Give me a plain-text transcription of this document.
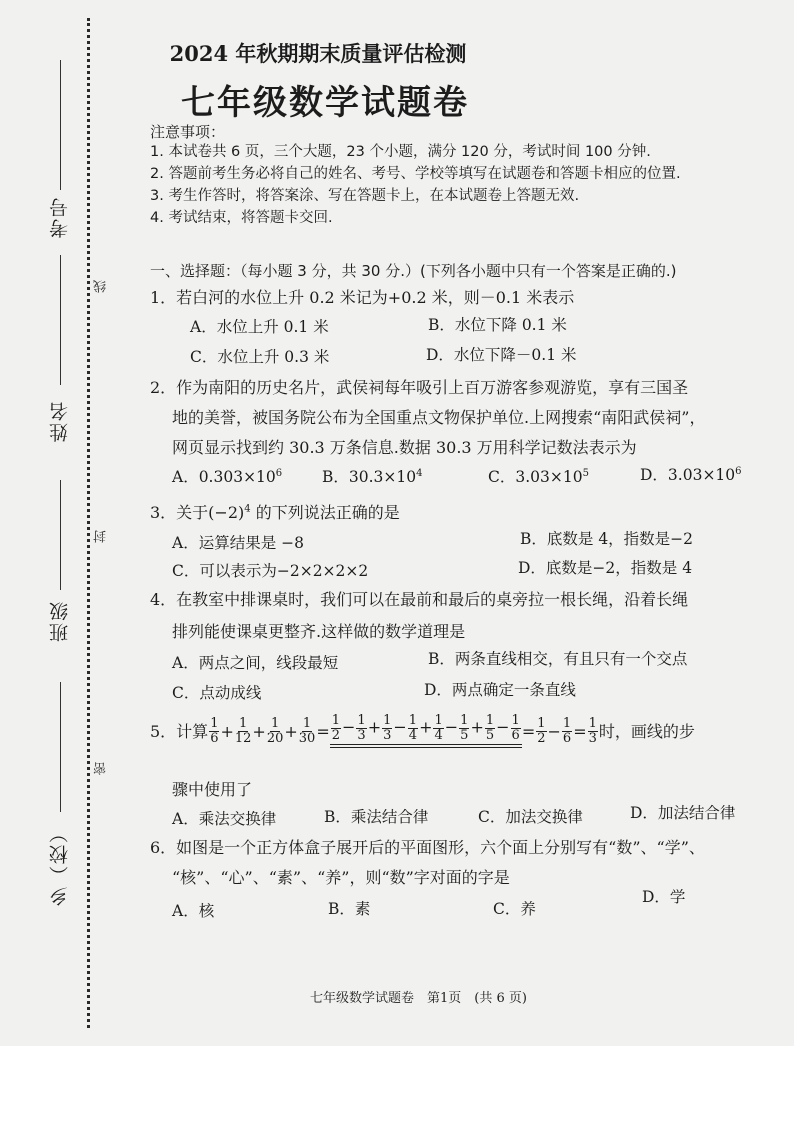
线
封
密
考号
姓名
班级
乡（校）
2024 年秋期期末质量评估检测
七年级数学试题卷
注意事项：
1. 本试卷共 6 页，三个大题，23 个小题，满分 120 分，考试时间 100 分钟.
2. 答题前考生务必将自己的姓名、考号、学校等填写在试题卷和答题卡相应的位置.
3. 考生作答时，将答案涂、写在答题卡上，在本试题卷上答题无效.
4. 考试结束，将答题卡交回.
一、选择题：（每小题 3 分，共 30 分.）(下列各小题中只有一个答案是正确的.)
1．若白河的水位上升 0.2 米记为+0.2 米，则－0.1 米表示
A．水位上升 0.1 米	B．水位下降 0.1 米
C．水位上升 0.3 米	D．水位下降－0.1 米
2．作为南阳的历史名片，武侯祠每年吸引上百万游客参观游览，享有三国圣
地的美誉，被国务院公布为全国重点文物保护单位.上网搜索“南阳武侯祠”，
网页显示找到约 30.3 万条信息.数据 30.3 万用科学记数法表示为
A．$0.303\times 10^6$	B．$30.3\times 10^4$	C．$3.03\times 10^5$	D．$3.03\times 10^6$
3．关于$(-2)^4$ 的下列说法正确的是
A．运算结果是 −8	B．底数是 4，指数是−2
C．可以表示为−2×2×2×2	D．底数是−2，指数是 4
4．在教室中排课桌时，我们可以在最前和最后的桌旁拉一根长绳，沿着长绳
排列能使课桌更整齐.这样做的数学道理是
A．两点之间，线段最短	B．两条直线相交，有且只有一个交点
C．点动成线	D．两点确定一条直线
5．计算 $\frac{1}{6} + \frac{1}{12} + \frac{1}{20} + \frac{1}{30} = \frac{1}{2} - \frac{1}{3} + \frac{1}{3} - \frac{1}{4} + \frac{1}{4} - \frac{1}{5} + \frac{1}{5} - \frac{1}{6} = \frac{1}{2} - \frac{1}{6} = \frac{1}{3}$ 时，画线的步
骤中使用了
A．乘法交换律	B．乘法结合律	C．加法交换律	D．加法结合律
6．如图是一个正方体盒子展开后的平面图形，六个面上分别写有“数”、“学”、
“核”、“心”、“素”、“养”，则“数”字对面的字是
A．核	B．素	C．养
D．学
七年级数学试题卷　第1页　(共 6 页)
